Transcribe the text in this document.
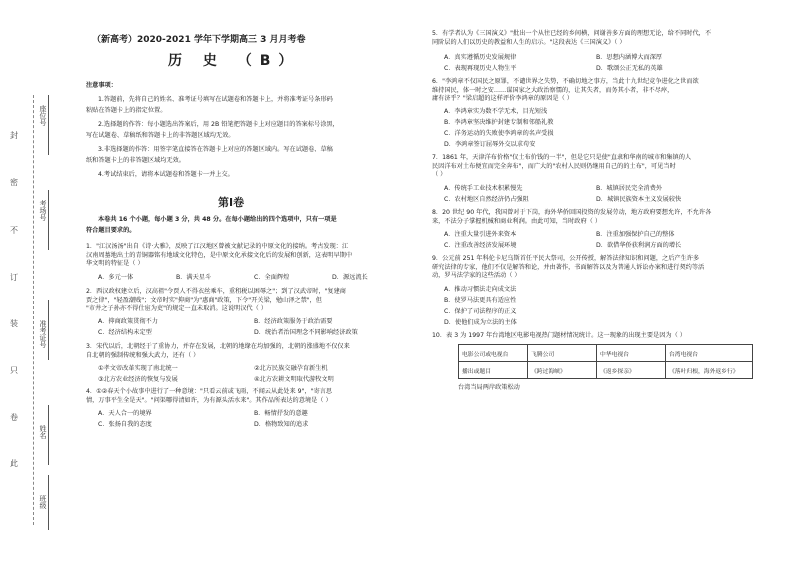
座位号
考场号
准考证号
姓名
班级
封
密
不
订
装
只
卷
此
（新高考）2020-2021 学年下学期高三 3 月月考卷
历 史 （B）
注意事项：
1.答题前，先将自己的姓名、准考证号填写在试题卷和答题卡上，并将准考证号条形码
粘贴在答题卡上的指定位置。
2.选择题的作答：每小题选出答案后，用 2B 铅笔把答题卡上对应题目的答案标号涂黑，
写在试题卷、草稿纸和答题卡上的非答题区域均无效。
3.非选择题的作答：用签字笔直接答在答题卡上对应的答题区域内。写在试题卷、草稿
纸和答题卡上的非答题区域均无效。
4.考试结束后，请将本试题卷和答题卡一并上交。
第Ⅰ卷
本卷共 16 个小题，每小题 3 分，共 48 分。在每小题给出的四个选项中，只有一项是
符合题目要求的。
1．"江汉汤汤"出自《诗·大雅》，反映了江汉地区曾被文献记录的中原文化的接纳。考古发现：江
汉南周墓地出土的青铜器铭有地域文化特色，是中原文化承接文化后的发展和创新，这表明早期中
华文明的特征是（ ）
A．多元一体	B．满天星斗	C．全面辉煌	D．源远流长
2．西汉政权建立后，汉高祖"令贾人不得衣丝乘车，重租税以困辱之"；到了汉武帝时，"复建商
贾之律"，"轻盈潮贱"；文帝时实"抑商"为"惠商"政策，下令"开关梁，勉山泽之禁"，但
"市井之子孙亦不得仕宦为吏"的规定一直未取消。这说明汉代（ ）
A．抑商政策贯彻不力	B．经济政策服务于政治需要
C．经济结构未定型	D．统治者治国理念不同影响经济政策
3．宋代以后，北朝经于了重协力，并存在发展，北朝的地缘在均加强的，北朝的涨盛地不仅仅来
自北朝的强制传统和强大武力，还有（ ）
①孝文帝改革实现了南北统一	②北方民族交融孕育新生机
③北方农业经济的恢复与发展	④北方农耕文明取代游牧文明
4．①②春天个小故事中进行了一种意境："只看云前或飞雨，不闻云从此处来 9"，"寄言思
情，万事平生全是天"。"问渠哪得清如许，为有源头活水来"。其作品所表达的意境是（ ）
A．天人合一的境界	B．畅情抒发的意趣
C．张扬自我的态度	D．格物致知的追求
5．有学者认为《三国演义》"批出一个从往已经的乡间横，问谢善多方面的理想无论，给不同时代，不
同阶层的人们以历史的教益和人生的启示。"这段表达《三国演义》（ ）
A．真实遵循历史发展规律	B．思想内涵博大而深厚
C．表现再现历史人物生平	D．歌颂公正无私的英雄
6．"李鸿章不仅国民之原罪，不谴世界之失势，不确切地之事方，当此十九世纪竞争进化之世而欲
维持国民，体一时之安……谋国家之大政治察懦的，让其失者，而务其小者，非不尽瘁，
庸有济乎？"梁启超的这样评价李鸿章的原因是（ ）
A．李鸿章实为数不学无术，目光短浅
B．李鸿章坚决维护封建专制和邻船礼教
C．洋务运动的失败使李鸿章的名声受损
D．李鸿章签订屈辱外交以求苟安
7．1861 年，天津洋布价格"仅土布价钱的一半"，但是它只是使"直隶和华南的城市和集镇的人
民因洋布对土布便宜而完全奔布"，而广大的"农村人民则仍继用自己的的土布"，可见当时
（ ）
A．传统手工业技术积累慢先	B．城镇居民完全消费外
C．农村地区自然经济仍占强阻	D．城镇民族资本主义发展较快
8．20 世纪 90 年代，我国曾对于下岗，海外华侨回国投资的发展劳动，地方政府要想允许，不允许各
来，不法分子掌握机械和商业利润。由此可知，当时政府（ ）
A．注重大量引进外来资本	B．注重加强保护自己的整体
C．注重改善经济发展环境	D．欲借华侨获利润方面的增长
9．公元前 251 年科伦卡尼乌斯首任平民大祭司，公开传授，解答法律知识和问题，之后产生许多
研究法律的专家，他们不仅是解答和论，并由著作，书面解答以及为普通人诉讼办案和进行契约等活
动，罗马法学家的这些活动（ ）
A．推动习惯法走向成文法
B．使罗马法更具有适应性
C．保护了司法程序的正义
D．使他们成为立法的主体
10．表 3 为 1997 年台湾地区电影电视热门题材情况统计。这一现象的出现主要是因为（ ）
电影公司或电视台	飞腾公司	中华电视台	台湾电视台
播出或题目	《跨过海峡》	《返乡探亲》	《落叶归根，海外返乡行》
台湾当局两岸政策松动
